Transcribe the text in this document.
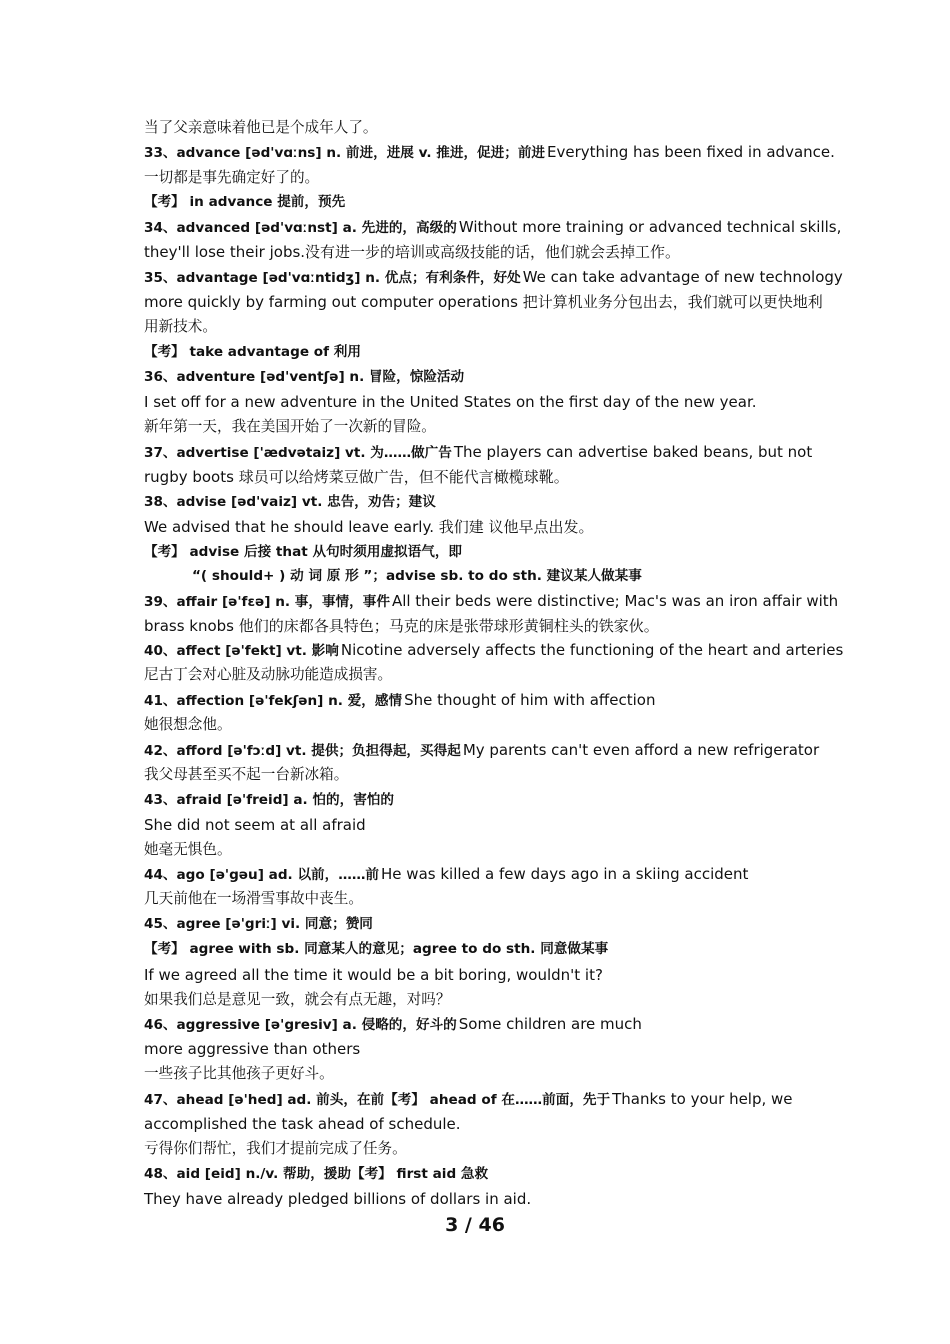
当了父亲意味着他已是个成年人了。
33、advance [əd'vɑːns] n. 前进，进展 v. 推进，促进；前进 Everything has been fixed in advance.
一切都是事先确定好了的。
【考】 in advance 提前，预先
34、advanced [əd'vɑːnst] a. 先进的，高级的 Without more training or advanced technical skills,
they'll lose their jobs.没有进一步的培训或高级技能的话，他们就会丢掉工作。
35、advantage [əd'vɑːntidʒ] n. 优点；有利条件，好处 We can take advantage of new technology
more quickly by farming out computer operations 把计算机业务分包出去，我们就可以更快地利
用新技术。
【考】 take advantage of 利用
36、adventure [əd'ventʃə] n. 冒险，惊险活动
I set off for a new adventure in the United States on the first day of the new year.
新年第一天，我在美国开始了一次新的冒险。
37、advertise ['ædvətaiz] vt. 为……做广告 The players can advertise baked beans, but not
rugby boots 球员可以给烤菜豆做广告，但不能代言橄榄球靴。
38、advise [əd'vaiz] vt. 忠告，劝告；建议
We advised that he should leave early. 我们建 议他早点出发。
【考】 advise 后接 that 从句时须用虚拟语气，即
“( should+ ) 动 词 原 形 ”；advise sb. to do sth. 建议某人做某事
39、affair [ə'fɛə] n. 事，事情，事件 All their beds were distinctive; Mac's was an iron affair with
brass knobs 他们的床都各具特色；马克的床是张带球形黄铜柱头的铁家伙。
40、affect [ə'fekt] vt. 影响 Nicotine adversely affects the functioning of the heart and arteries
尼古丁会对心脏及动脉功能造成损害。
41、affection [ə'fekʃən] n. 爱，感情 She thought of him with affection
她很想念他。
42、afford [ə'fɔːd] vt. 提供；负担得起，买得起 My parents can't even afford a new refrigerator
我父母甚至买不起一台新冰箱。
43、afraid [ə'freid] a. 怕的，害怕的
She did not seem at all afraid
她毫无惧色。
44、ago [ə'gəu] ad. 以前，……前 He was killed a few days ago in a skiing accident
几天前他在一场滑雪事故中丧生。
45、agree [ə'griː] vi. 同意；赞同
【考】 agree with sb. 同意某人的意见；agree to do sth. 同意做某事
If we agreed all the time it would be a bit boring, wouldn't it?
如果我们总是意见一致，就会有点无趣，对吗？
46、aggressive [ə'gresiv] a. 侵略的，好斗的 Some children are much
more aggressive than others
一些孩子比其他孩子更好斗。
47、ahead [ə'hed] ad. 前头，在前【考】 ahead of 在……前面，先于 Thanks to your help, we
accomplished the task ahead of schedule.
亏得你们帮忙，我们才提前完成了任务。
48、aid [eid] n./v. 帮助，援助【考】 first aid 急救
They have already pledged billions of dollars in aid.
3 / 46
